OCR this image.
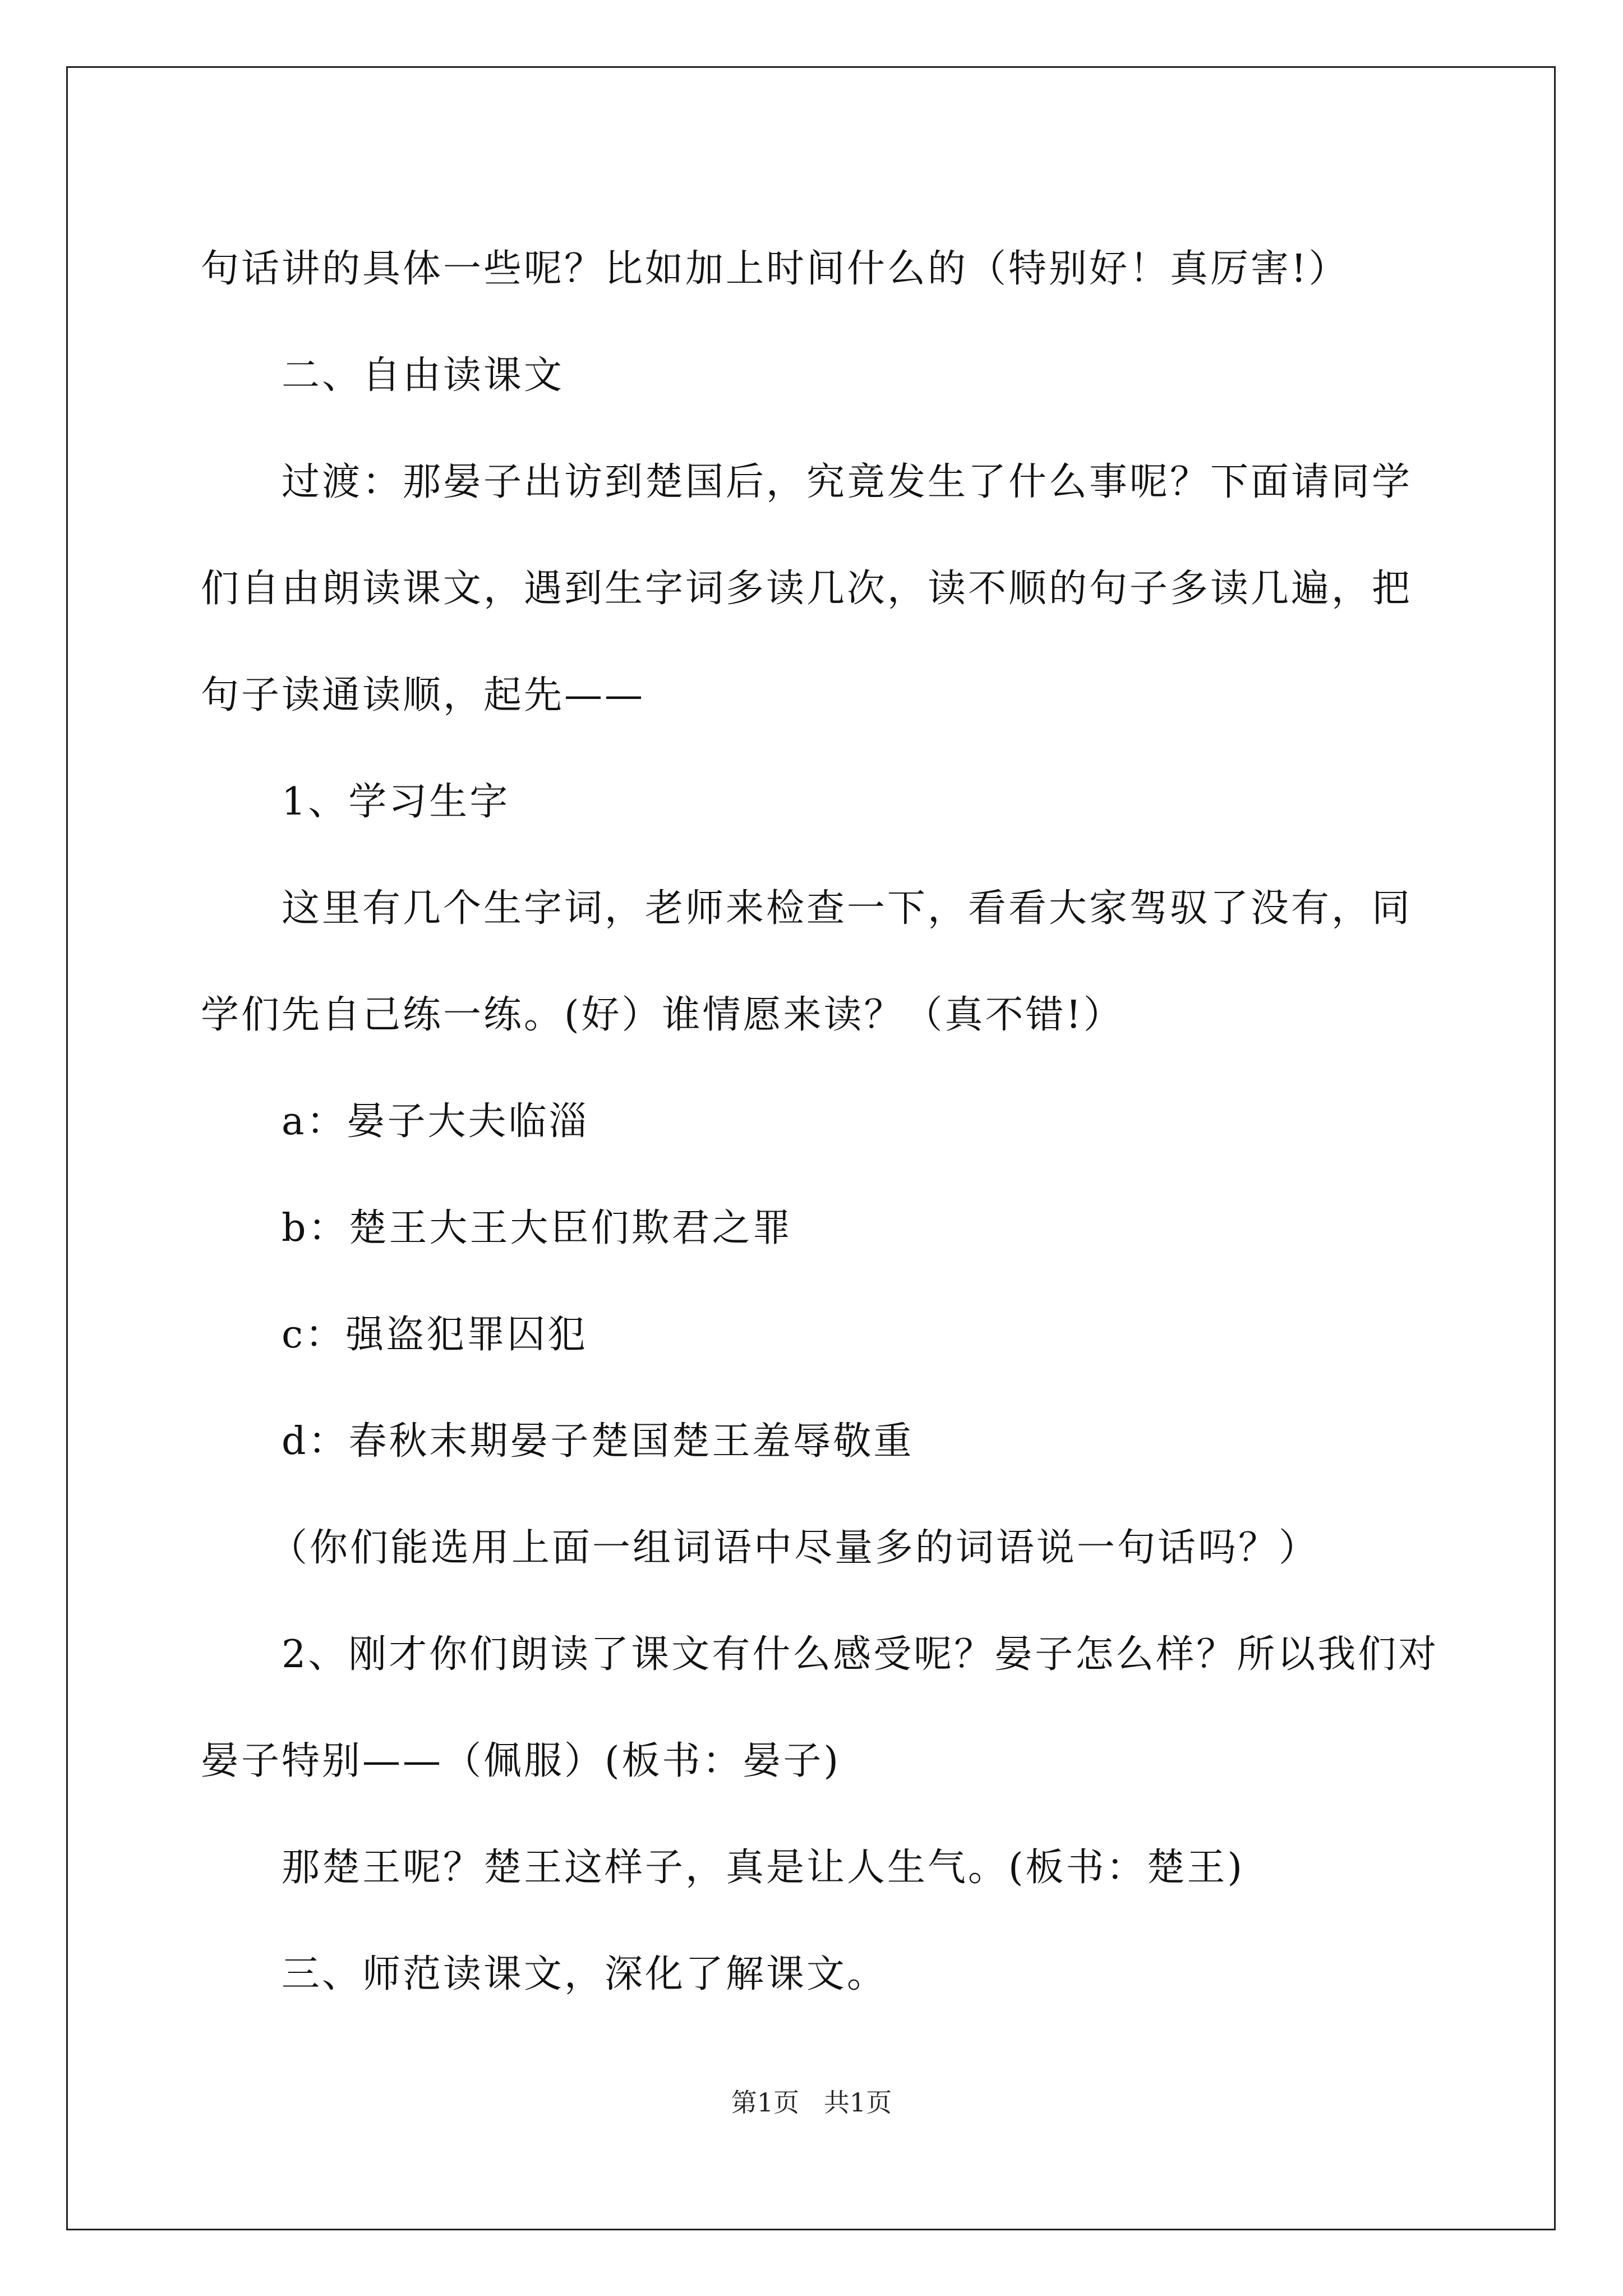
句话讲的具体一些呢？比如加上时间什么的（特别好！真厉害!）
二、自由读课文
过渡：那晏子出访到楚国后，究竟发生了什么事呢？下面请同学
们自由朗读课文，遇到生字词多读几次，读不顺的句子多读几遍，把
句子读通读顺，起先——
1、学习生字
这里有几个生字词，老师来检查一下，看看大家驾驭了没有，同
学们先自己练一练。(好）谁情愿来读？（真不错!）
a：晏子大夫临淄
b：楚王大王大臣们欺君之罪
c：强盗犯罪囚犯
d：春秋末期晏子楚国楚王羞辱敬重
（你们能选用上面一组词语中尽量多的词语说一句话吗？）
2、刚才你们朗读了课文有什么感受呢？晏子怎么样？所以我们对
晏子特别——（佩服）(板书：晏子)
那楚王呢？楚王这样子，真是让人生气。(板书：楚王)
三、师范读课文，深化了解课文。
第1页   共1页
